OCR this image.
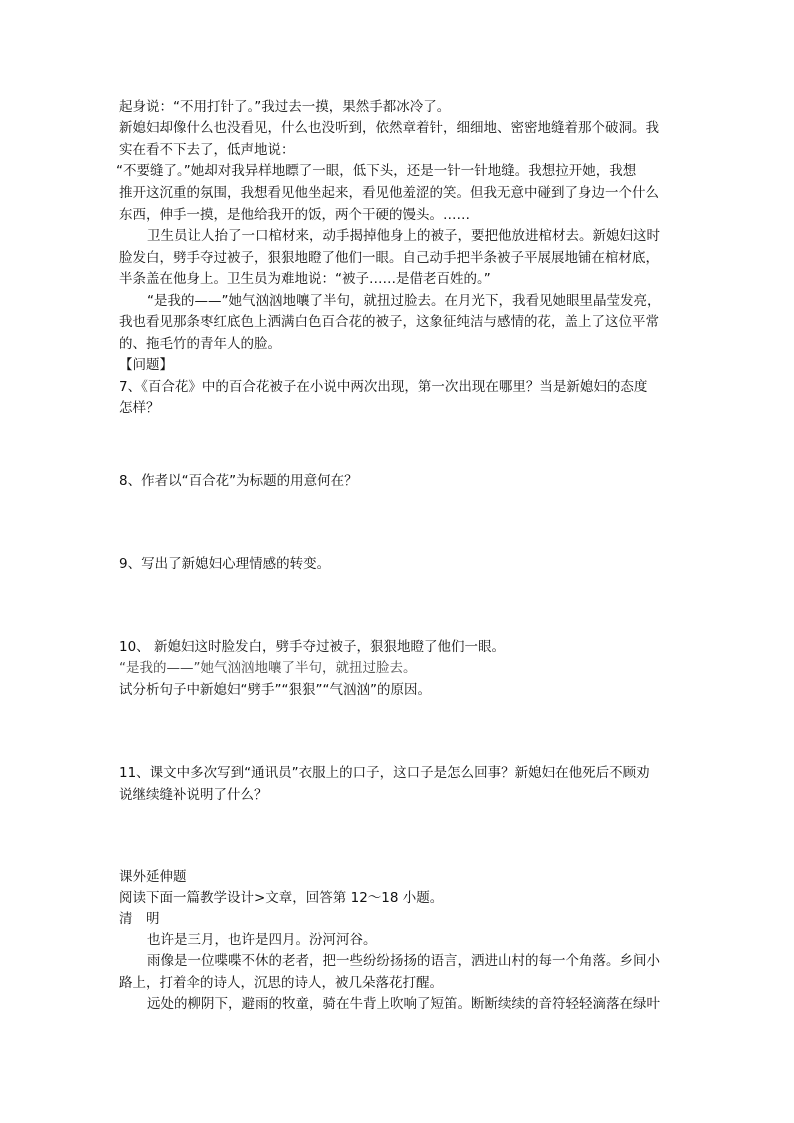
起身说：“不用打针了。”我过去一摸，果然手都冰冷了。
新媳妇却像什么也没看见，什么也没听到，依然章着针，细细地、密密地缝着那个破洞。我
实在看不下去了，低声地说：
“不要缝了。”她却对我异样地瞟了一眼，低下头，还是一针一针地缝。我想拉开她，我想
推开这沉重的氛围，我想看见他坐起来，看见他羞涩的笑。但我无意中碰到了身边一个什么
东西，伸手一摸，是他给我开的饭，两个干硬的馒头。……
卫生员让人抬了一口棺材来，动手揭掉他身上的被子，要把他放进棺材去。新媳妇这时
脸发白，劈手夺过被子，狠狠地瞪了他们一眼。自己动手把半条被子平展展地铺在棺材底，
半条盖在他身上。卫生员为难地说：“被子……是借老百姓的。”
“是我的——”她气汹汹地嚷了半句，就扭过脸去。在月光下，我看见她眼里晶莹发亮，
我也看见那条枣红底色上洒满白色百合花的被子，这象征纯洁与感情的花，盖上了这位平常
的、拖毛竹的青年人的脸。
【问题】
7、《百合花》中的百合花被子在小说中两次出现，第一次出现在哪里？当是新媳妇的态度
怎样？
8、作者以“百合花”为标题的用意何在？
9、写出了新媳妇心理情感的转变。
10、 新媳妇这时脸发白，劈手夺过被子，狠狠地瞪了他们一眼。
“是我的——”她气汹汹地嚷了半句，就扭过脸去。
试分析句子中新媳妇“劈手”“狠狠”“气汹汹”的原因。
11、课文中多次写到“通讯员”衣服上的口子，这口子是怎么回事？新媳妇在他死后不顾劝
说继续缝补说明了什么？
课外延伸题
阅读下面一篇教学设计>文章，回答第 12～18 小题。
清　明
也许是三月，也许是四月。汾河河谷。
雨像是一位喋喋不休的老者，把一些纷纷扬扬的语言，洒进山村的每一个角落。乡间小
路上，打着伞的诗人，沉思的诗人，被几朵落花打醒。
远处的柳阴下，避雨的牧童，骑在牛背上吹响了短笛。断断续续的音符轻轻滴落在绿叶
